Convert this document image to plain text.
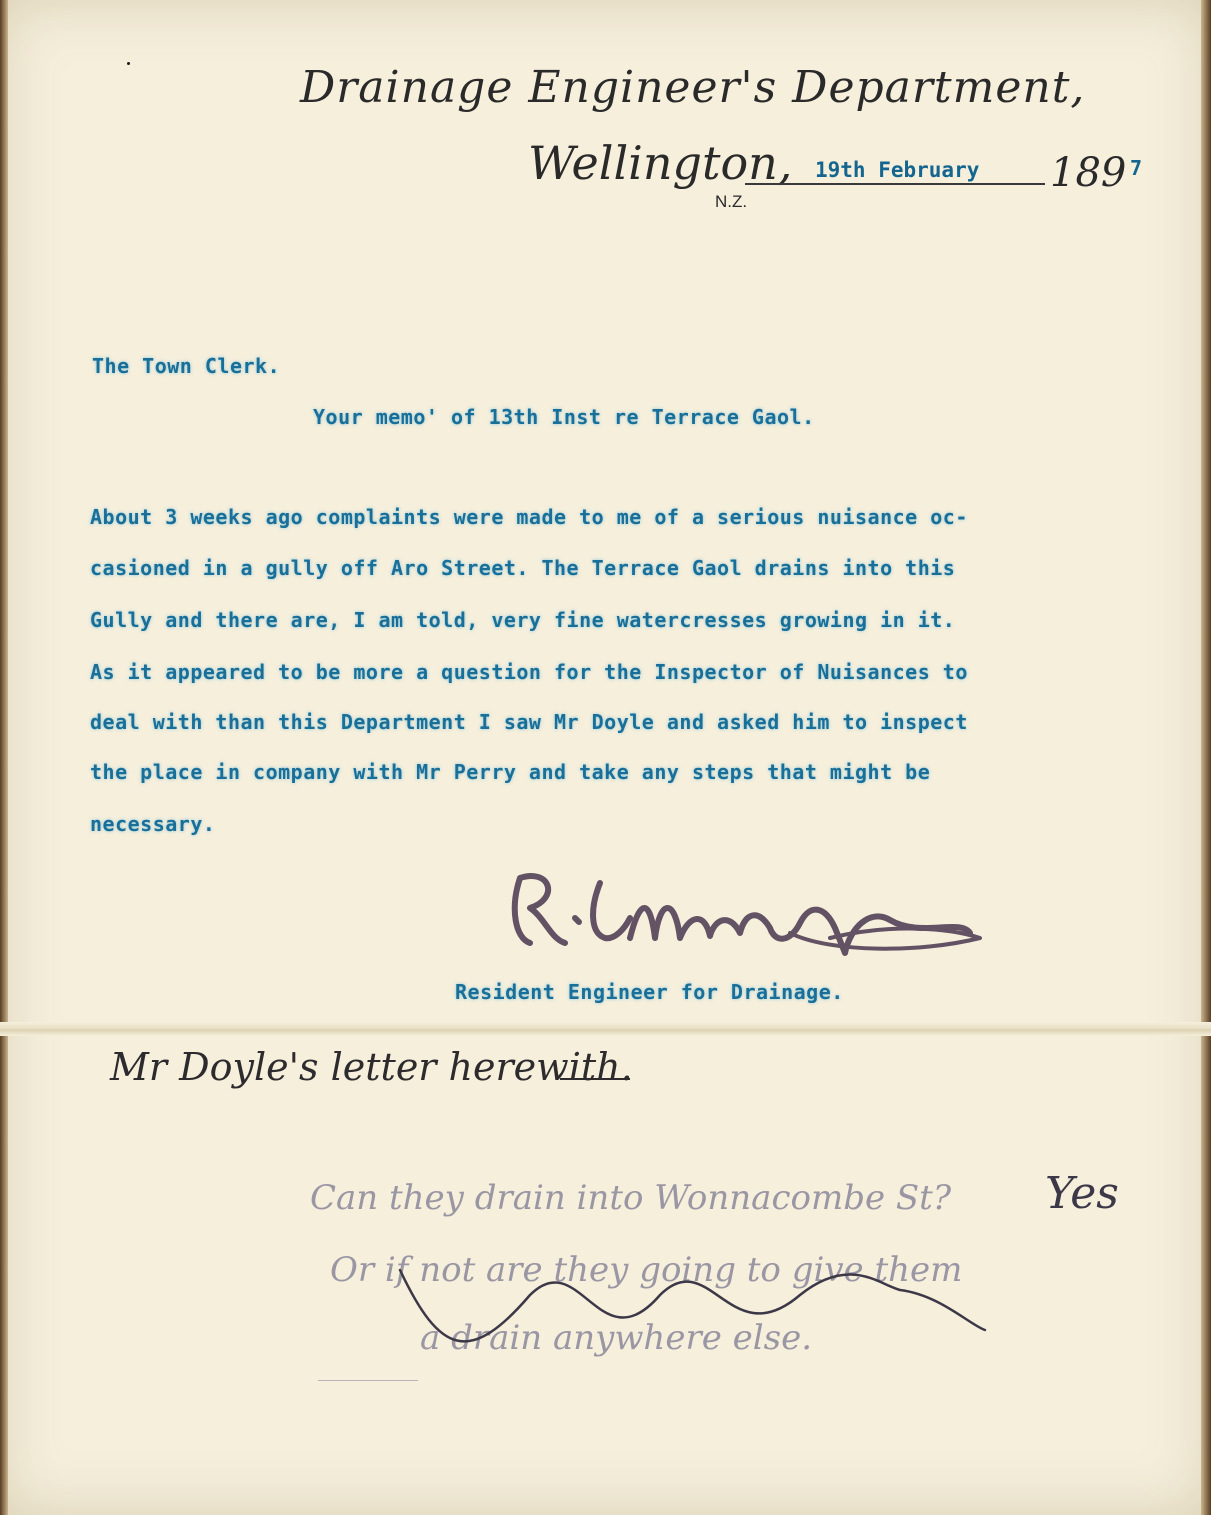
Drainage Engineer's Department,
Wellington,
N.Z.
19th February 189 7
The Town Clerk.
Your memo' of 13th Inst re Terrace Gaol.
About 3 weeks ago complaints were made to me of a serious nuisance oc-
casioned in a gully off Aro Street. The Terrace Gaol drains into this
Gully and there are, I am told, very fine watercresses growing in it.
As it appeared to be more a question for the Inspector of Nuisances to
deal with than this Department I saw Mr Doyle and asked him to inspect
the place in company with Mr Perry and take any steps that might be
necessary.
Resident Engineer for Drainage.
Mr Doyle's letter herewith.
Can they drain into Wonnacombe St? Yes
Or if not are they going to give them
a drain anywhere else.
